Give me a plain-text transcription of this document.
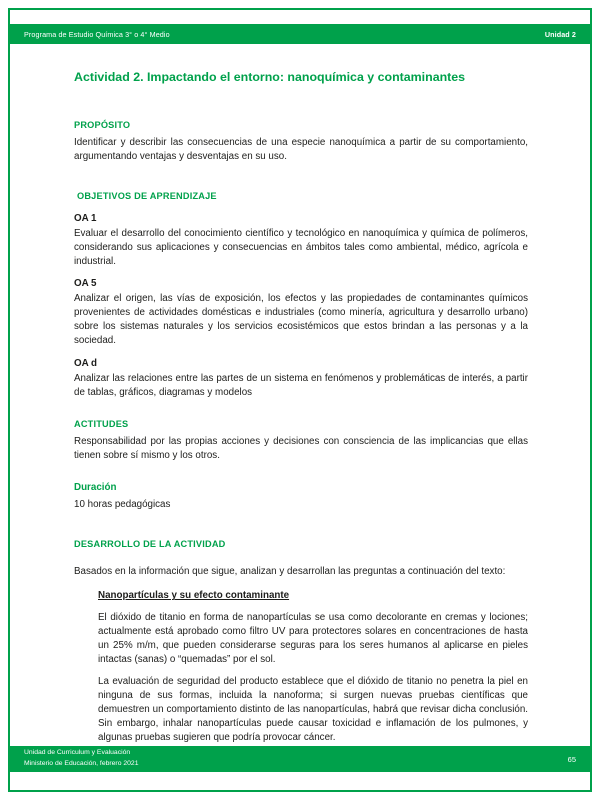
Programa de Estudio Química 3° o 4° Medio	Unidad 2
Actividad 2. Impactando el entorno: nanoquímica y contaminantes
PROPÓSITO

Identificar y describir las consecuencias de una especie nanoquímica a partir de su comportamiento, argumentando ventajas y desventajas en su uso.

OBJETIVOS DE APRENDIZAJE

OA 1

Evaluar el desarrollo del conocimiento científico y tecnológico en nanoquímica y química de polímeros, considerando sus aplicaciones y consecuencias en ámbitos tales como ambiental, médico, agrícola e industrial.

OA 5

Analizar el origen, las vías de exposición, los efectos y las propiedades de contaminantes químicos provenientes de actividades domésticas e industriales (como minería, agricultura y desarrollo urbano) sobre los sistemas naturales y los servicios ecosistémicos que estos brindan a las personas y a la sociedad.

OA d

Analizar las relaciones entre las partes de un sistema en fenómenos y problemáticas de interés, a partir de tablas, gráficos, diagramas y modelos

ACTITUDES

Responsabilidad por las propias acciones y decisiones con consciencia de las implicancias que ellas tienen sobre sí mismo y los otros.

Duración

10 horas pedagógicas

DESARROLLO DE LA ACTIVIDAD

Basados en la información que sigue, analizan y desarrollan las preguntas a continuación del texto:

Nanopartículas y su efecto contaminante

El dióxido de titanio en forma de nanopartículas se usa como decolorante en cremas y lociones; actualmente está aprobado como filtro UV para protectores solares en concentraciones de hasta un 25% m/m, que pueden considerarse seguras para los seres humanos al aplicarse en pieles intactas (sanas) o “quemadas” por el sol.

La evaluación de seguridad del producto establece que el dióxido de titanio no penetra la piel en ninguna de sus formas, incluida la nanoforma; si surgen nuevas pruebas científicas que demuestren un comportamiento distinto de las nanopartículas, habrá que revisar dicha conclusión. Sin embargo, inhalar nanopartículas puede causar toxicidad e inflamación de los pulmones, y algunas pruebas sugieren que podría provocar cáncer.

Unidad de Curriculum y Evaluación
Ministerio de Educación, febrero 2021	65
